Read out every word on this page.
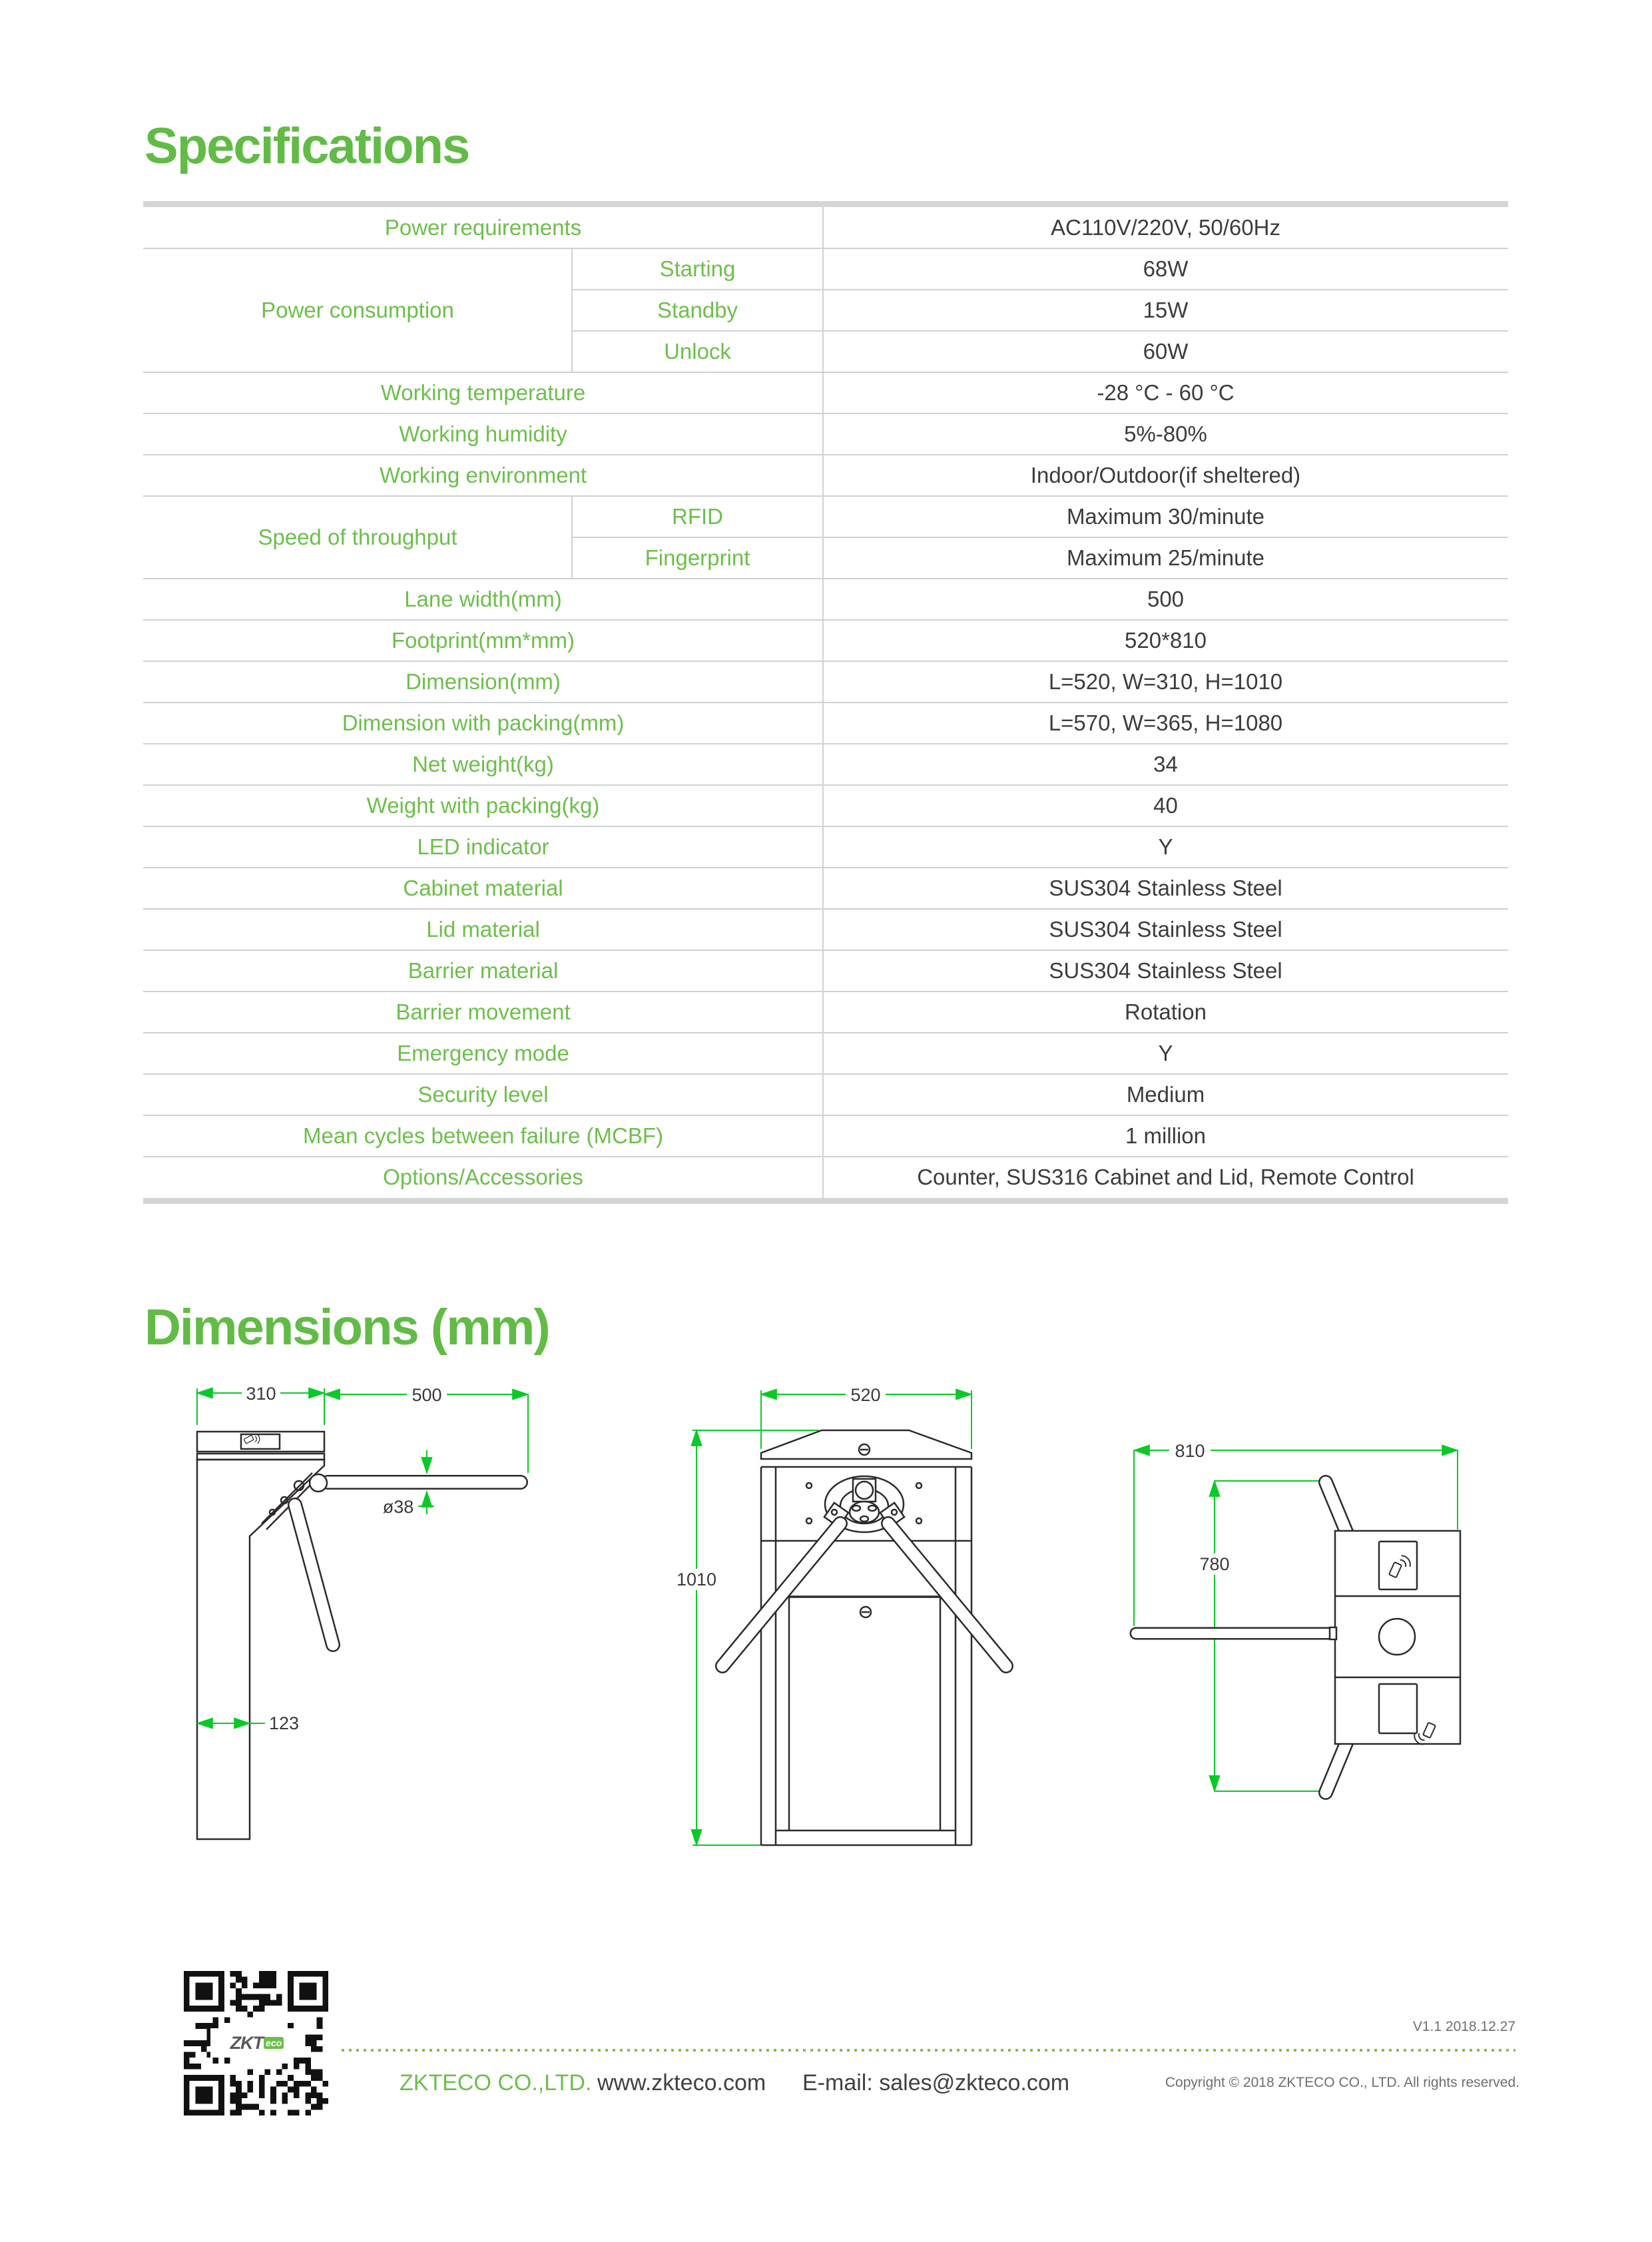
Specifications
Power requirements	AC110V/220V, 50/60Hz
Power consumption
Starting	68W
Standby	15W
Unlock	60W
Working temperature	-28 °C - 60 °C
Working humidity	5%-80%
Working environment	Indoor/Outdoor(if sheltered)
Speed of throughput
RFID	Maximum 30/minute
Fingerprint	Maximum 25/minute
Lane width(mm)	500
Footprint(mm*mm)	520*810
Dimension(mm)	L=520, W=310, H=1010
Dimension with packing(mm)	L=570, W=365, H=1080
Net weight(kg)	34
Weight with packing(kg)	40
LED indicator	Y
Cabinet material	SUS304 Stainless Steel
Lid material	SUS304 Stainless Steel
Barrier material	SUS304 Stainless Steel
Barrier movement	Rotation
Emergency mode	Y
Security level	Medium
Mean cycles between failure (MCBF)	1 million
Options/Accessories	Counter, SUS316 Cabinet and Lid, Remote Control
Dimensions (mm)
310	500
ø38
123
520
1010
810
780
ZKT eco
V1.1 2018.12.27
ZKTECO CO.,LTD. www.zkteco.com E-mail: sales@zkteco.com	Copyright © 2018 ZKTECO CO., LTD. All rights reserved.
